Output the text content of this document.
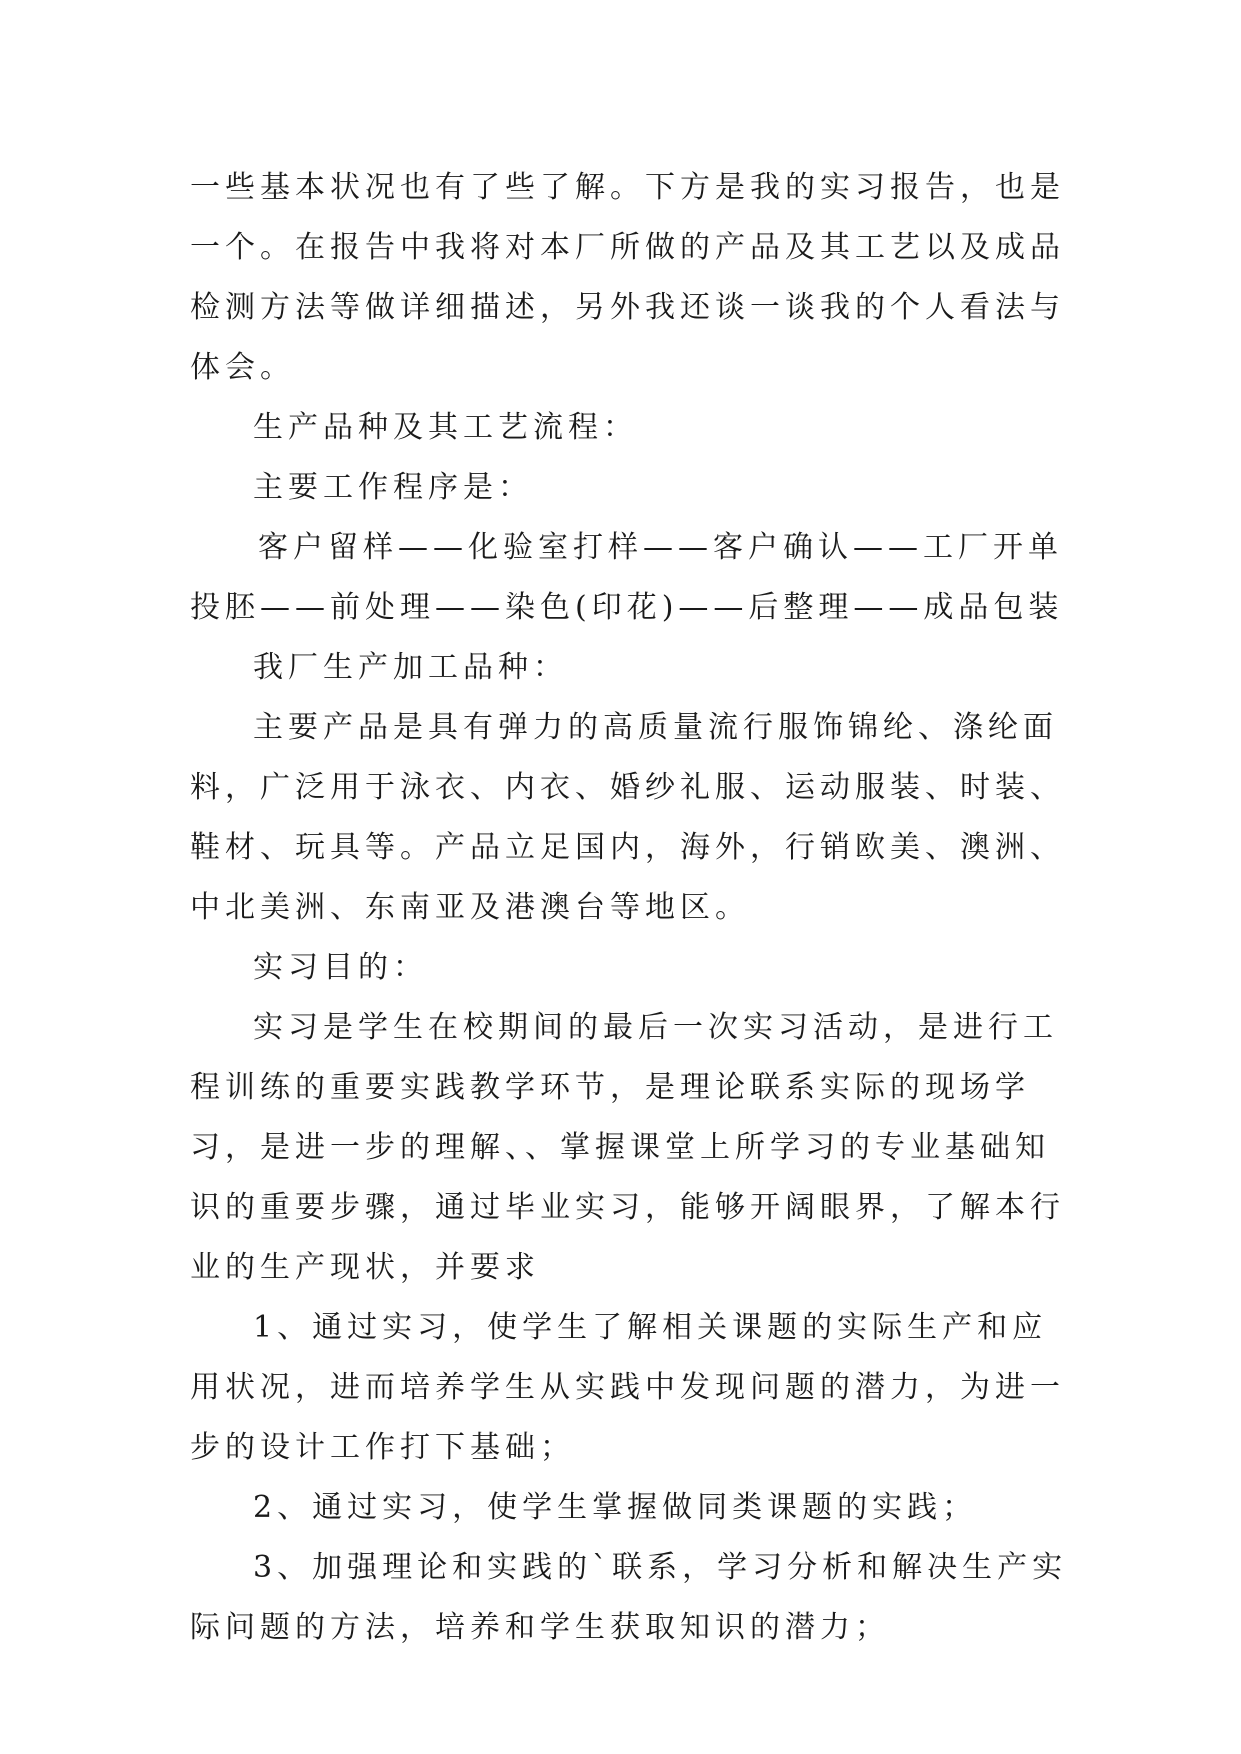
一些基本状况也有了些了解。下方是我的实习报告，也是一个。在报告中我将对本厂所做的产品及其工艺以及成品检测方法等做详细描述，另外我还谈一谈我的个人看法与体会。

生产品种及其工艺流程：

主要工作程序是：

客户留样——化验室打样——客户确认——工厂开单投胚——前处理——染色(印花)——后整理——成品包装

我厂生产加工品种：

主要产品是具有弹力的高质量流行服饰锦纶、涤纶面料，广泛用于泳衣、内衣、婚纱礼服、运动服装、时装、鞋材、玩具等。产品立足国内，海外，行销欧美、澳洲、中北美洲、东南亚及港澳台等地区。

实习目的：

实习是学生在校期间的最后一次实习活动，是进行工程训练的重要实践教学环节，是理论联系实际的现场学习，是进一步的理解、、掌握课堂上所学习的专业基础知识的重要步骤，通过毕业实习，能够开阔眼界，了解本行业的生产现状，并要求

1、通过实习，使学生了解相关课题的实际生产和应用状况，进而培养学生从实践中发现问题的潜力，为进一步的设计工作打下基础；

2、通过实习，使学生掌握做同类课题的实践；

3、加强理论和实践的`联系，学习分析和解决生产实际问题的方法，培养和学生获取知识的潜力；
